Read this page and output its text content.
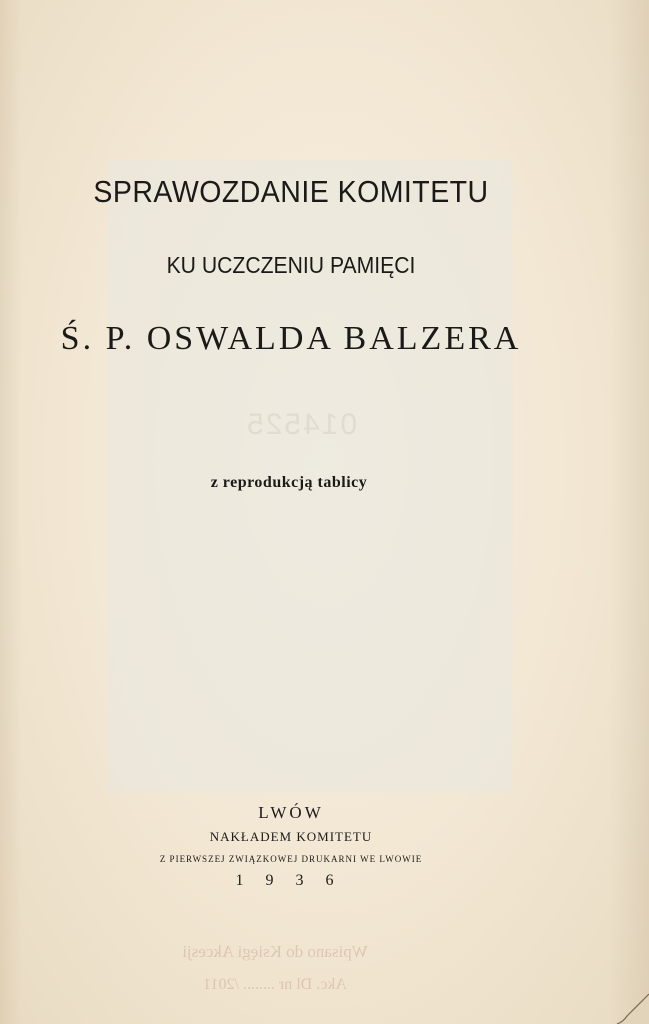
014525
SPRAWOZDANIE KOMITETU
KU UCZCZENIU PAMIĘCI
Ś. P. OSWALDA BALZERA
z reprodukcją tablicy
LWÓW
NAKŁADEM KOMITETU
Z PIERWSZEJ ZWIĄZKOWEJ DRUKARNI WE LWOWIE
1 9 3 6
Wpisano do Księgi Akcesji
Akc. Dl nr ........ /2011
